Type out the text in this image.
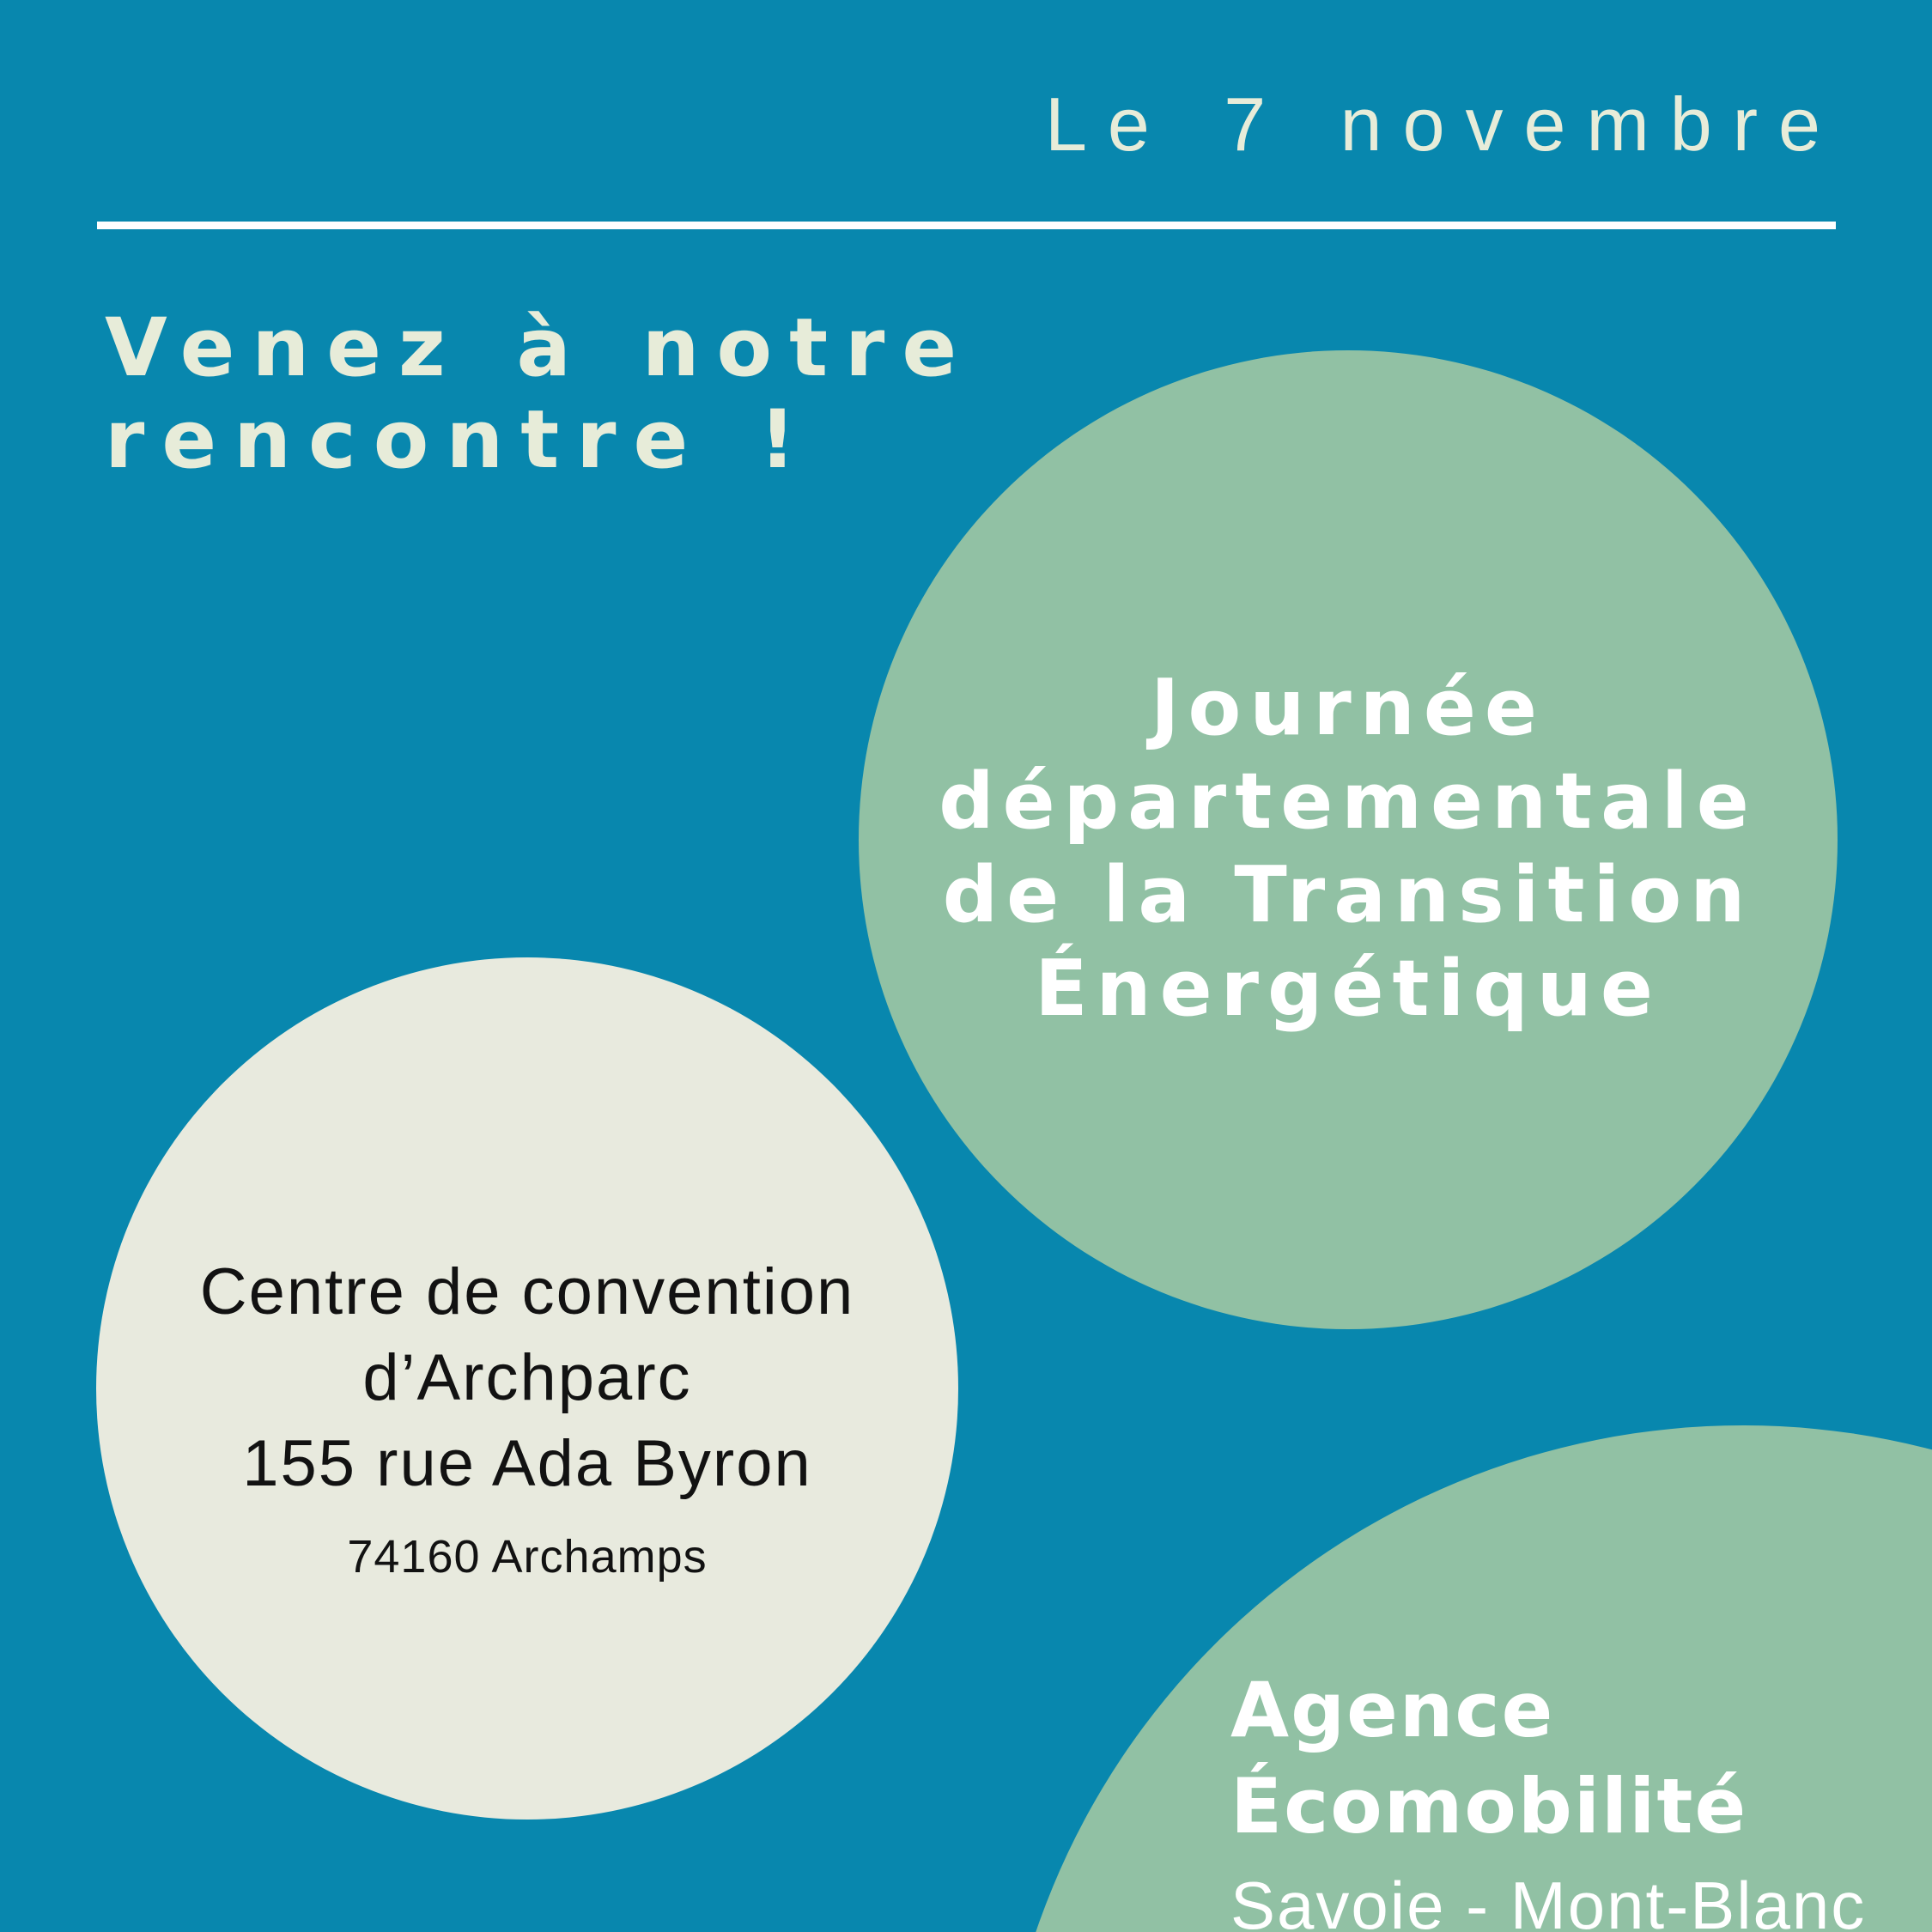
Le 7 novembre
Venez à notre
rencontre !
Journée
départementale
de la Transition
Énergétique
Centre de convention
d’Archparc
155 rue Ada Byron
74160 Archamps
Agence
Écomobilité
Savoie - Mont-Blanc
